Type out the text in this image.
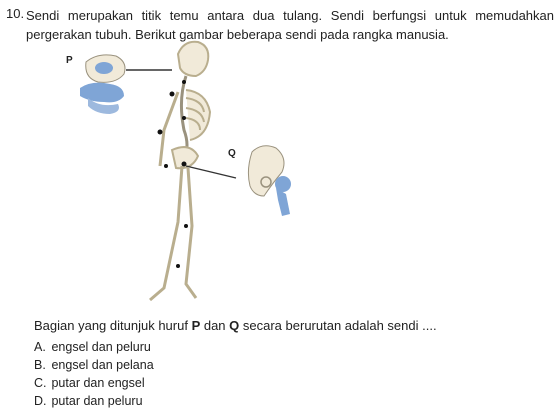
10. Sendi merupakan titik temu antara dua tulang. Sendi berfungsi untuk memudahkan pergerakan tubuh. Berikut gambar beberapa sendi pada rangka manusia.
P
Q
Bagian yang ditunjuk huruf P dan Q secara berurutan adalah sendi ....
A. engsel dan peluru
B. engsel dan pelana
C. putar dan engsel
D. putar dan peluru
